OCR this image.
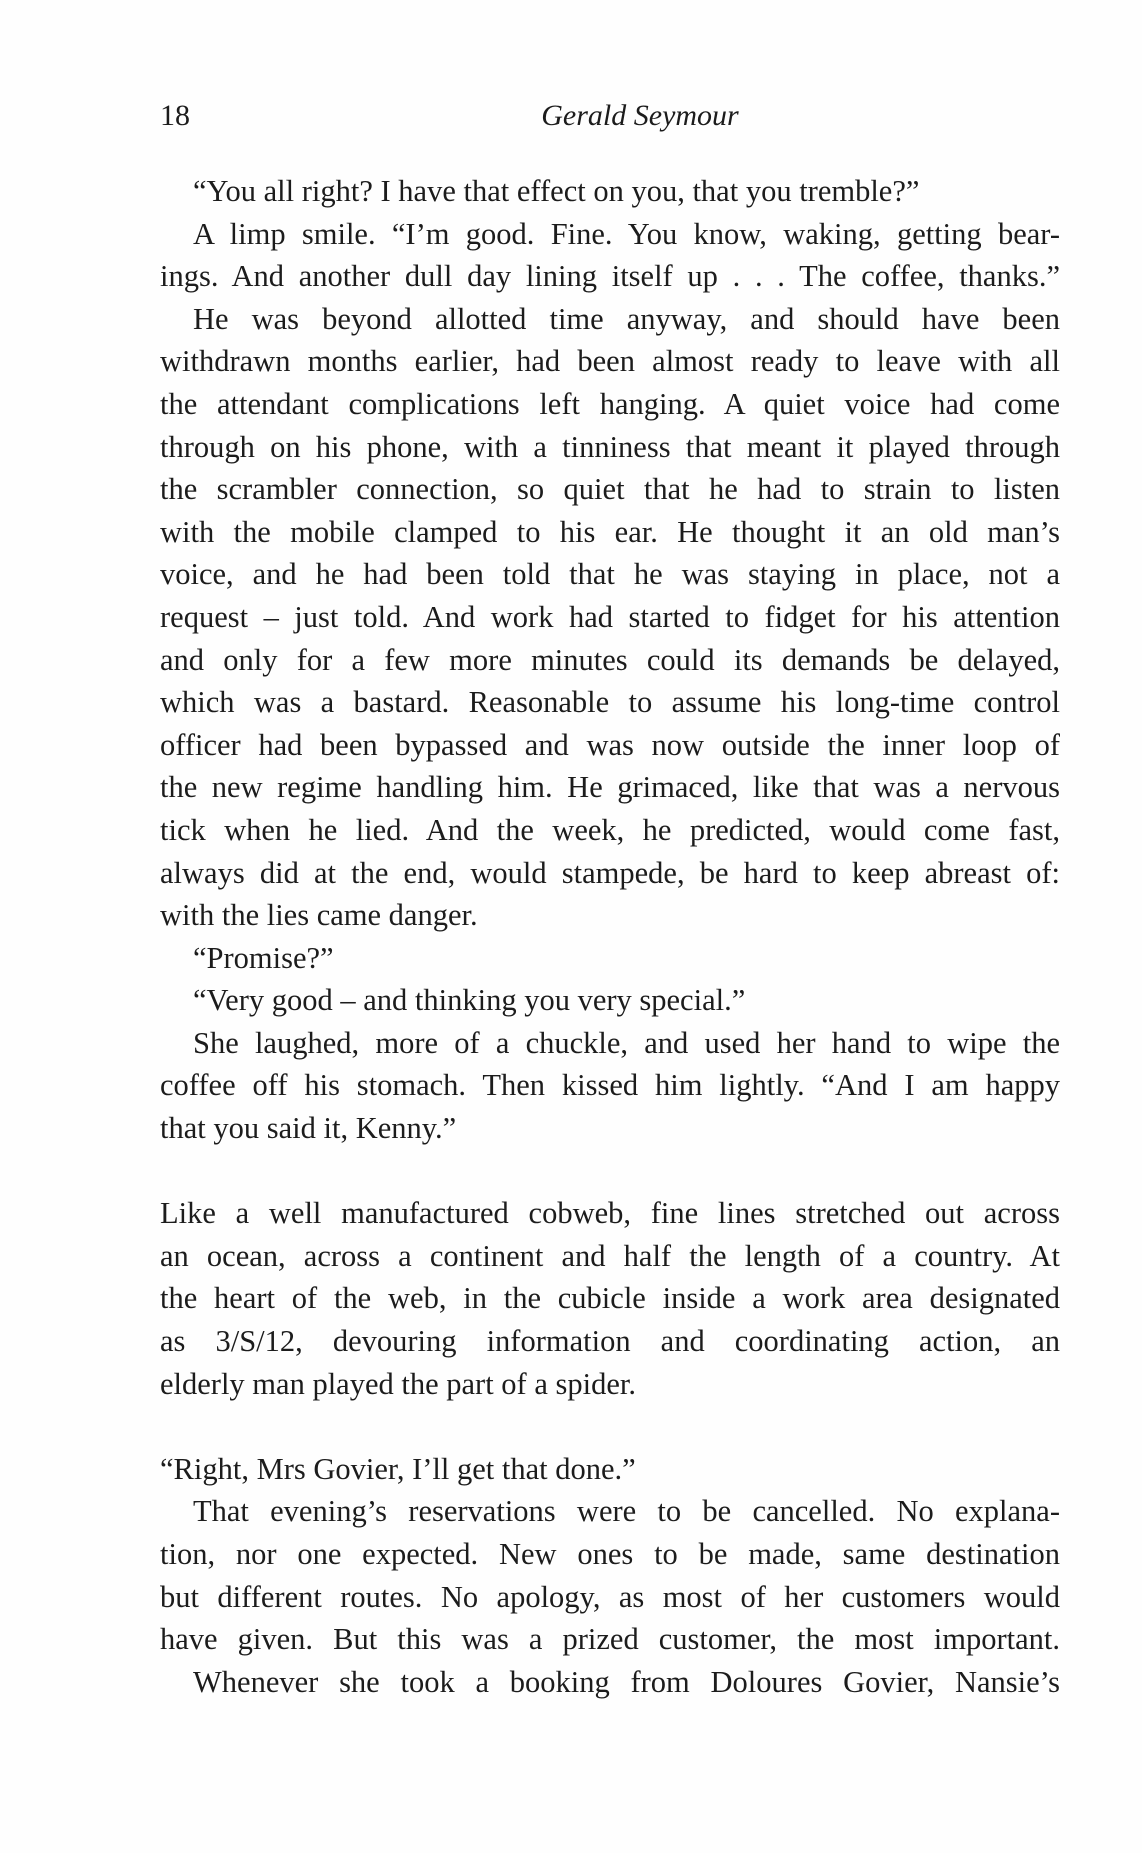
18	Gerald Seymour
“You all right? I have that effect on you, that you tremble?”
A limp smile. “I’m good. Fine. You know, waking, getting bear-
ings. And another dull day lining itself up . . . The coffee, thanks.”
He was beyond allotted time anyway, and should have been
withdrawn months earlier, had been almost ready to leave with all
the attendant complications left hanging. A quiet voice had come
through on his phone, with a tinniness that meant it played through
the scrambler connection, so quiet that he had to strain to listen
with the mobile clamped to his ear. He thought it an old man’s
voice, and he had been told that he was staying in place, not a
request – just told. And work had started to fidget for his attention
and only for a few more minutes could its demands be delayed,
which was a bastard. Reasonable to assume his long-time control
officer had been bypassed and was now outside the inner loop of
the new regime handling him. He grimaced, like that was a nervous
tick when he lied. And the week, he predicted, would come fast,
always did at the end, would stampede, be hard to keep abreast of:
with the lies came danger.
“Promise?”
“Very good – and thinking you very special.”
She laughed, more of a chuckle, and used her hand to wipe the
coffee off his stomach. Then kissed him lightly. “And I am happy
that you said it, Kenny.”
Like a well manufactured cobweb, fine lines stretched out across
an ocean, across a continent and half the length of a country. At
the heart of the web, in the cubicle inside a work area designated
as 3/S/12, devouring information and coordinating action, an
elderly man played the part of a spider.
“Right, Mrs Govier, I’ll get that done.”
That evening’s reservations were to be cancelled. No explana-
tion, nor one expected. New ones to be made, same destination
but different routes. No apology, as most of her customers would
have given. But this was a prized customer, the most important.
Whenever she took a booking from Doloures Govier, Nansie’s
